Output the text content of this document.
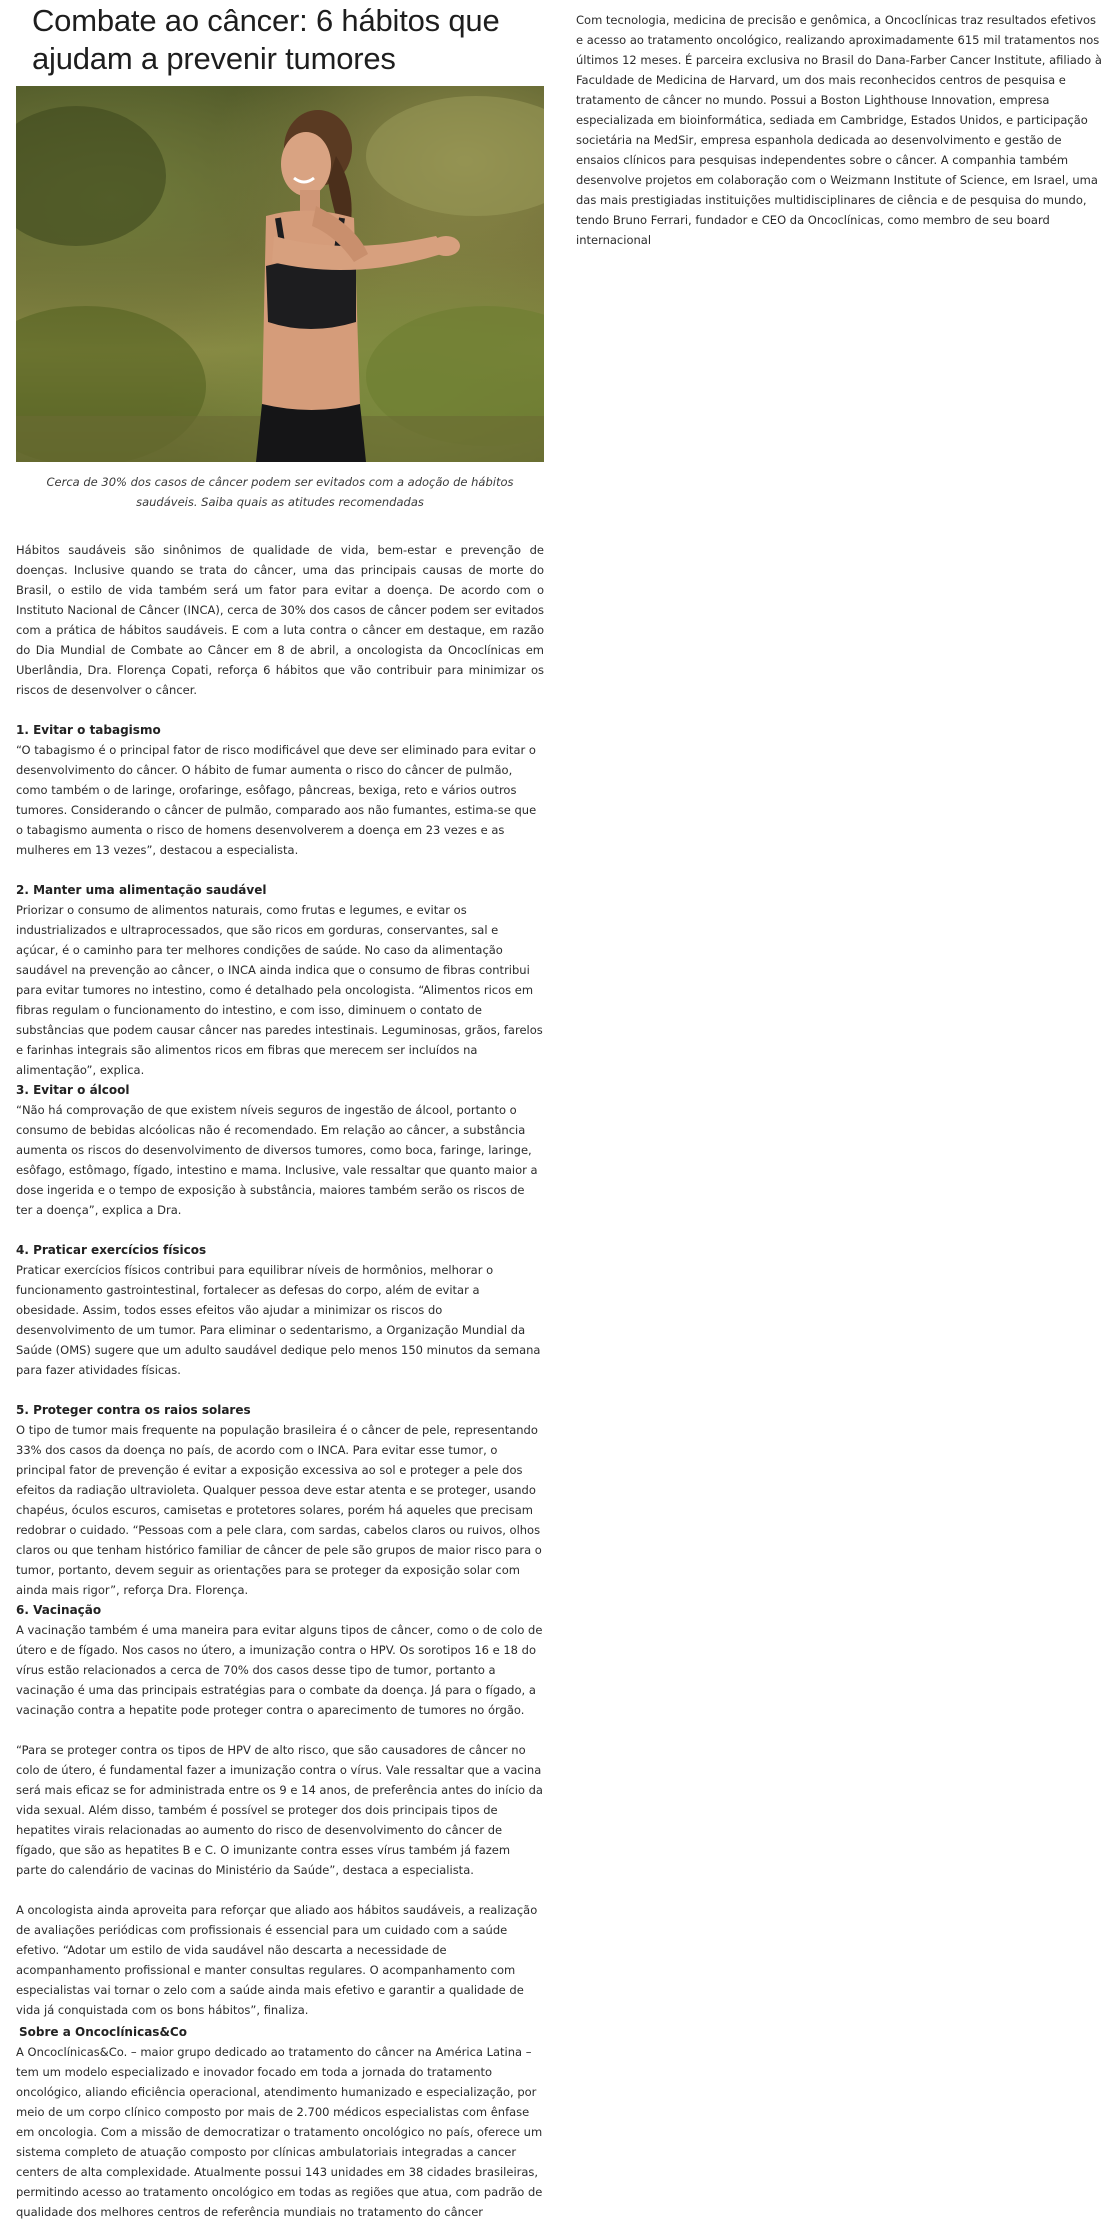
Combate ao câncer: 6 hábitos que ajudam a prevenir tumores

Cerca de 30% dos casos de câncer podem ser evitados com a adoção de hábitos saudáveis. Saiba quais as atitudes recomendadas

Hábitos saudáveis são sinônimos de qualidade de vida, bem-estar e prevenção de doenças. Inclusive quando se trata do câncer, uma das principais causas de morte do Brasil, o estilo de vida também será um fator para evitar a doença. De acordo com o Instituto Nacional de Câncer (INCA), cerca de 30% dos casos de câncer podem ser evitados com a prática de hábitos saudáveis. E com a luta contra o câncer em destaque, em razão do Dia Mundial de Combate ao Câncer em 8 de abril, a oncologista da Oncoclínicas em Uberlândia, Dra. Florença Copati, reforça 6 hábitos que vão contribuir para minimizar os riscos de desenvolver o câncer.

1. Evitar o tabagismo

“O tabagismo é o principal fator de risco modificável que deve ser eliminado para evitar o desenvolvimento do câncer. O hábito de fumar aumenta o risco do câncer de pulmão, como também o de laringe, orofaringe, esôfago, pâncreas, bexiga, reto e vários outros tumores. Considerando o câncer de pulmão, comparado aos não fumantes, estima-se que o tabagismo aumenta o risco de homens desenvolverem a doença em 23 vezes e as mulheres em 13 vezes”, destacou a especialista.

2. Manter uma alimentação saudável

Priorizar o consumo de alimentos naturais, como frutas e legumes, e evitar os industrializados e ultraprocessados, que são ricos em gorduras, conservantes, sal e açúcar, é o caminho para ter melhores condições de saúde. No caso da alimentação saudável na prevenção ao câncer, o INCA ainda indica que o consumo de fibras contribui para evitar tumores no intestino, como é detalhado pela oncologista. “Alimentos ricos em fibras regulam o funcionamento do intestino, e com isso, diminuem o contato de substâncias que podem causar câncer nas paredes intestinais. Leguminosas, grãos, farelos e farinhas integrais são alimentos ricos em fibras que merecem ser incluídos na alimentação”, explica.

3. Evitar o álcool

“Não há comprovação de que existem níveis seguros de ingestão de álcool, portanto o consumo de bebidas alcóolicas não é recomendado. Em relação ao câncer, a substância aumenta os riscos do desenvolvimento de diversos tumores, como boca, faringe, laringe, esôfago, estômago, fígado, intestino e mama. Inclusive, vale ressaltar que quanto maior a dose ingerida e o tempo de exposição à substância, maiores também serão os riscos de ter a doença”, explica a Dra.

4. Praticar exercícios físicos

Praticar exercícios físicos contribui para equilibrar níveis de hormônios, melhorar o funcionamento gastrointestinal, fortalecer as defesas do corpo, além de evitar a obesidade. Assim, todos esses efeitos vão ajudar a minimizar os riscos do desenvolvimento de um tumor. Para eliminar o sedentarismo, a Organização Mundial da Saúde (OMS) sugere que um adulto saudável dedique pelo menos 150 minutos da semana para fazer atividades físicas.

5. Proteger contra os raios solares

O tipo de tumor mais frequente na população brasileira é o câncer de pele, representando 33% dos casos da doença no país, de acordo com o INCA. Para evitar esse tumor, o principal fator de prevenção é evitar a exposição excessiva ao sol e proteger a pele dos efeitos da radiação ultravioleta. Qualquer pessoa deve estar atenta e se proteger, usando chapéus, óculos escuros, camisetas e protetores solares, porém há aqueles que precisam redobrar o cuidado. “Pessoas com a pele clara, com sardas, cabelos claros ou ruivos, olhos claros ou que tenham histórico familiar de câncer de pele são grupos de maior risco para o tumor, portanto, devem seguir as orientações para se proteger da exposição solar com ainda mais rigor”, reforça Dra. Florença.

6. Vacinação

A vacinação também é uma maneira para evitar alguns tipos de câncer, como o de colo de útero e de fígado. Nos casos no útero, a imunização contra o HPV. Os sorotipos 16 e 18 do vírus estão relacionados a cerca de 70% dos casos desse tipo de tumor, portanto a vacinação é uma das principais estratégias para o combate da doença. Já para o fígado, a vacinação contra a hepatite pode proteger contra o aparecimento de tumores no órgão.

“Para se proteger contra os tipos de HPV de alto risco, que são causadores de câncer no colo de útero, é fundamental fazer a imunização contra o vírus. Vale ressaltar que a vacina será mais eficaz se for administrada entre os 9 e 14 anos, de preferência antes do início da vida sexual. Além disso, também é possível se proteger dos dois principais tipos de hepatites virais relacionadas ao aumento do risco de desenvolvimento do câncer de fígado, que são as hepatites B e C. O imunizante contra esses vírus também já fazem parte do calendário de vacinas do Ministério da Saúde”, destaca a especialista.

A oncologista ainda aproveita para reforçar que aliado aos hábitos saudáveis, a realização de avaliações periódicas com profissionais é essencial para um cuidado com a saúde efetivo. “Adotar um estilo de vida saudável não descarta a necessidade de acompanhamento profissional e manter consultas regulares. O acompanhamento com especialistas vai tornar o zelo com a saúde ainda mais efetivo e garantir a qualidade de vida já conquistada com os bons hábitos”, finaliza.

Sobre a Oncoclínicas&Co

A Oncoclínicas&Co. – maior grupo dedicado ao tratamento do câncer na América Latina – tem um modelo especializado e inovador focado em toda a jornada do tratamento oncológico, aliando eficiência operacional, atendimento humanizado e especialização, por meio de um corpo clínico composto por mais de 2.700 médicos especialistas com ênfase em oncologia. Com a missão de democratizar o tratamento oncológico no país, oferece um sistema completo de atuação composto por clínicas ambulatoriais integradas a cancer centers de alta complexidade. Atualmente possui 143 unidades em 38 cidades brasileiras, permitindo acesso ao tratamento oncológico em todas as regiões que atua, com padrão de qualidade dos melhores centros de referência mundiais no tratamento do câncer

Com tecnologia, medicina de precisão e genômica, a Oncoclínicas traz resultados efetivos e acesso ao tratamento oncológico, realizando aproximadamente 615 mil tratamentos nos últimos 12 meses. É parceira exclusiva no Brasil do Dana-Farber Cancer Institute, afiliado à Faculdade de Medicina de Harvard, um dos mais reconhecidos centros de pesquisa e tratamento de câncer no mundo. Possui a Boston Lighthouse Innovation, empresa especializada em bioinformática, sediada em Cambridge, Estados Unidos, e participação societária na MedSir, empresa espanhola dedicada ao desenvolvimento e gestão de ensaios clínicos para pesquisas independentes sobre o câncer. A companhia também desenvolve projetos em colaboração com o Weizmann Institute of Science, em Israel, uma das mais prestigiadas instituições multidisciplinares de ciência e de pesquisa do mundo, tendo Bruno Ferrari, fundador e CEO da Oncoclínicas, como membro de seu board internacional
